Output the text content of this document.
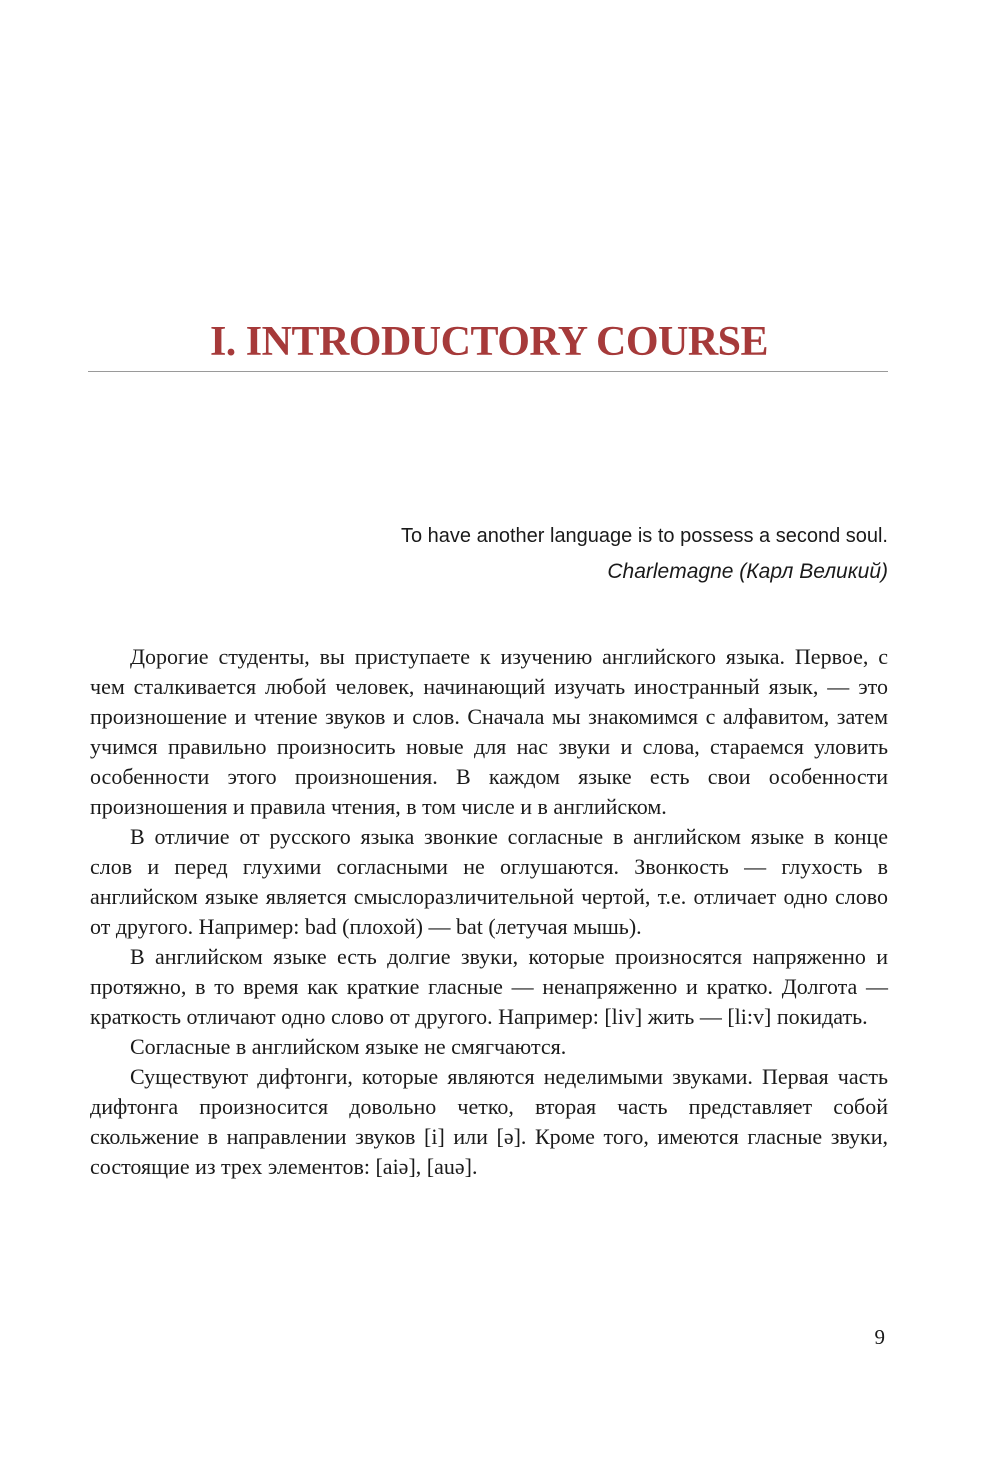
I. INTRODUCTORY COURSE
To have another language is to possess a second soul.
Charlemagne (Карл Великий)

Дорогие студенты, вы приступаете к изучению английского языка. Первое, с чем сталкивается любой человек, начинающий изучать иностранный язык, — это произношение и чтение звуков и слов. Сначала мы знакомимся с алфавитом, затем учимся правильно произносить новые для нас звуки и слова, стараемся уловить особенности этого произношения. В каждом языке есть свои особенности произношения и правила чтения, в том числе и в английском.

В отличие от русского языка звонкие согласные в английском языке в конце слов и перед глухими согласными не оглушаются. Звонкость — глухость в английском языке является смыслоразличительной чертой, т.е. отличает одно слово от другого. Например: bad (плохой) — bat (летучая мышь).

В английском языке есть долгие звуки, которые произносятся напряженно и протяжно, в то время как краткие гласные — ненапряженно и кратко. Долгота — краткость отличают одно слово от другого. Например: [liv] жить — [li:v] покидать.

Согласные в английском языке не смягчаются.

Существуют дифтонги, которые являются неделимыми звуками. Первая часть дифтонга произносится довольно четко, вторая часть представляет собой скольжение в направлении звуков [i] или [ə]. Кроме того, имеются гласные звуки, состоящие из трех элементов: [aiə], [auə].

9
